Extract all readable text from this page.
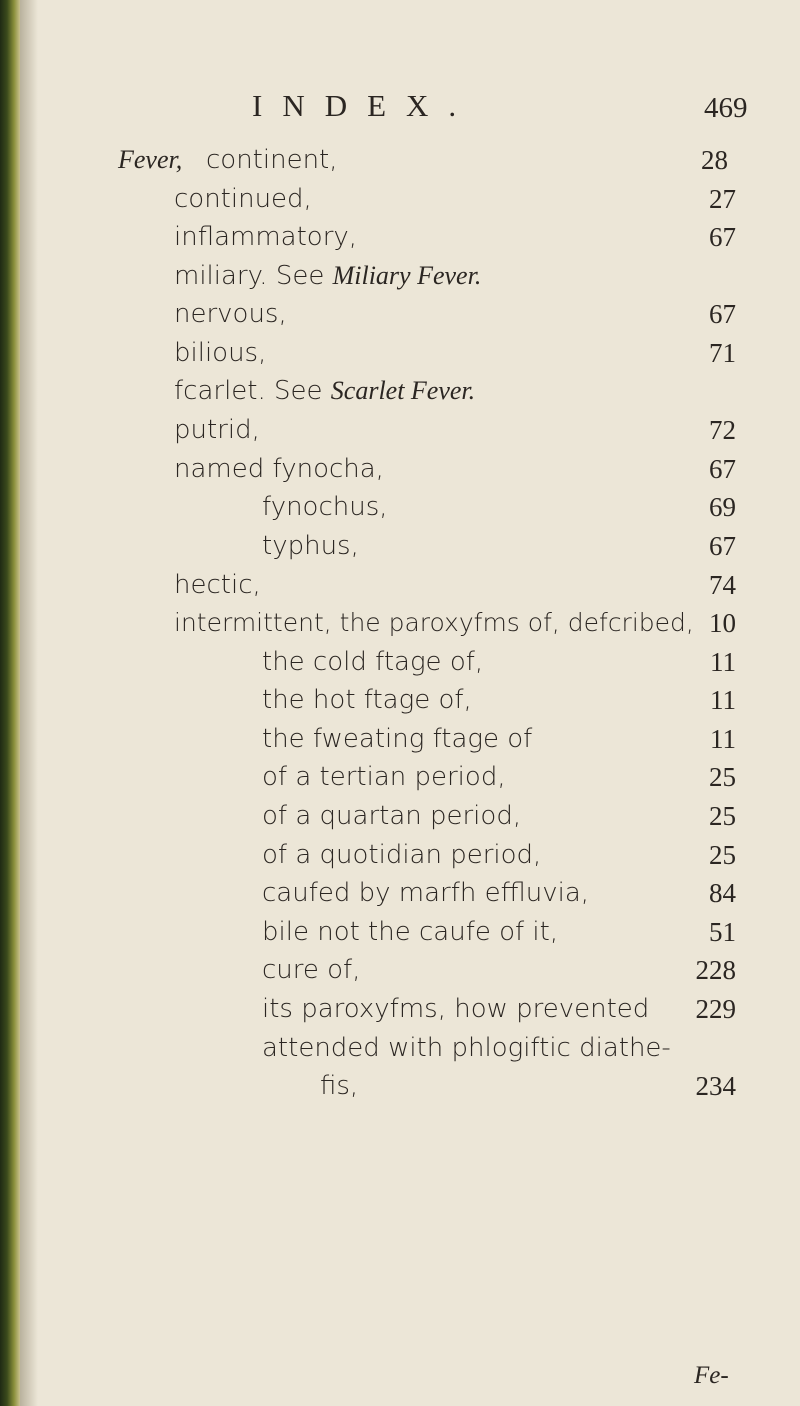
INDEX.	469
Fever, continent,	28
continued,	27
inflammatory,	67
miliary. See Miliary Fever.
nervous,	67
bilious,	71
fcarlet. See Scarlet Fever.
putrid,	72
named fynocha,	67
fynochus,	69
typhus,	67
hectic,	74
intermittent, the paroxyfms of, defcribed, 10
the cold ftage of,	11
the hot ftage of,	11
the fweating ftage of	11
of a tertian period,	25
of a quartan period,	25
of a quotidian period,	25
caufed by marfh effluvia,	84
bile not the caufe of it,	51
cure of,	228
its paroxyfms, how prevented 229
attended with phlogiftic diathe-
fis,	234
Fe-
